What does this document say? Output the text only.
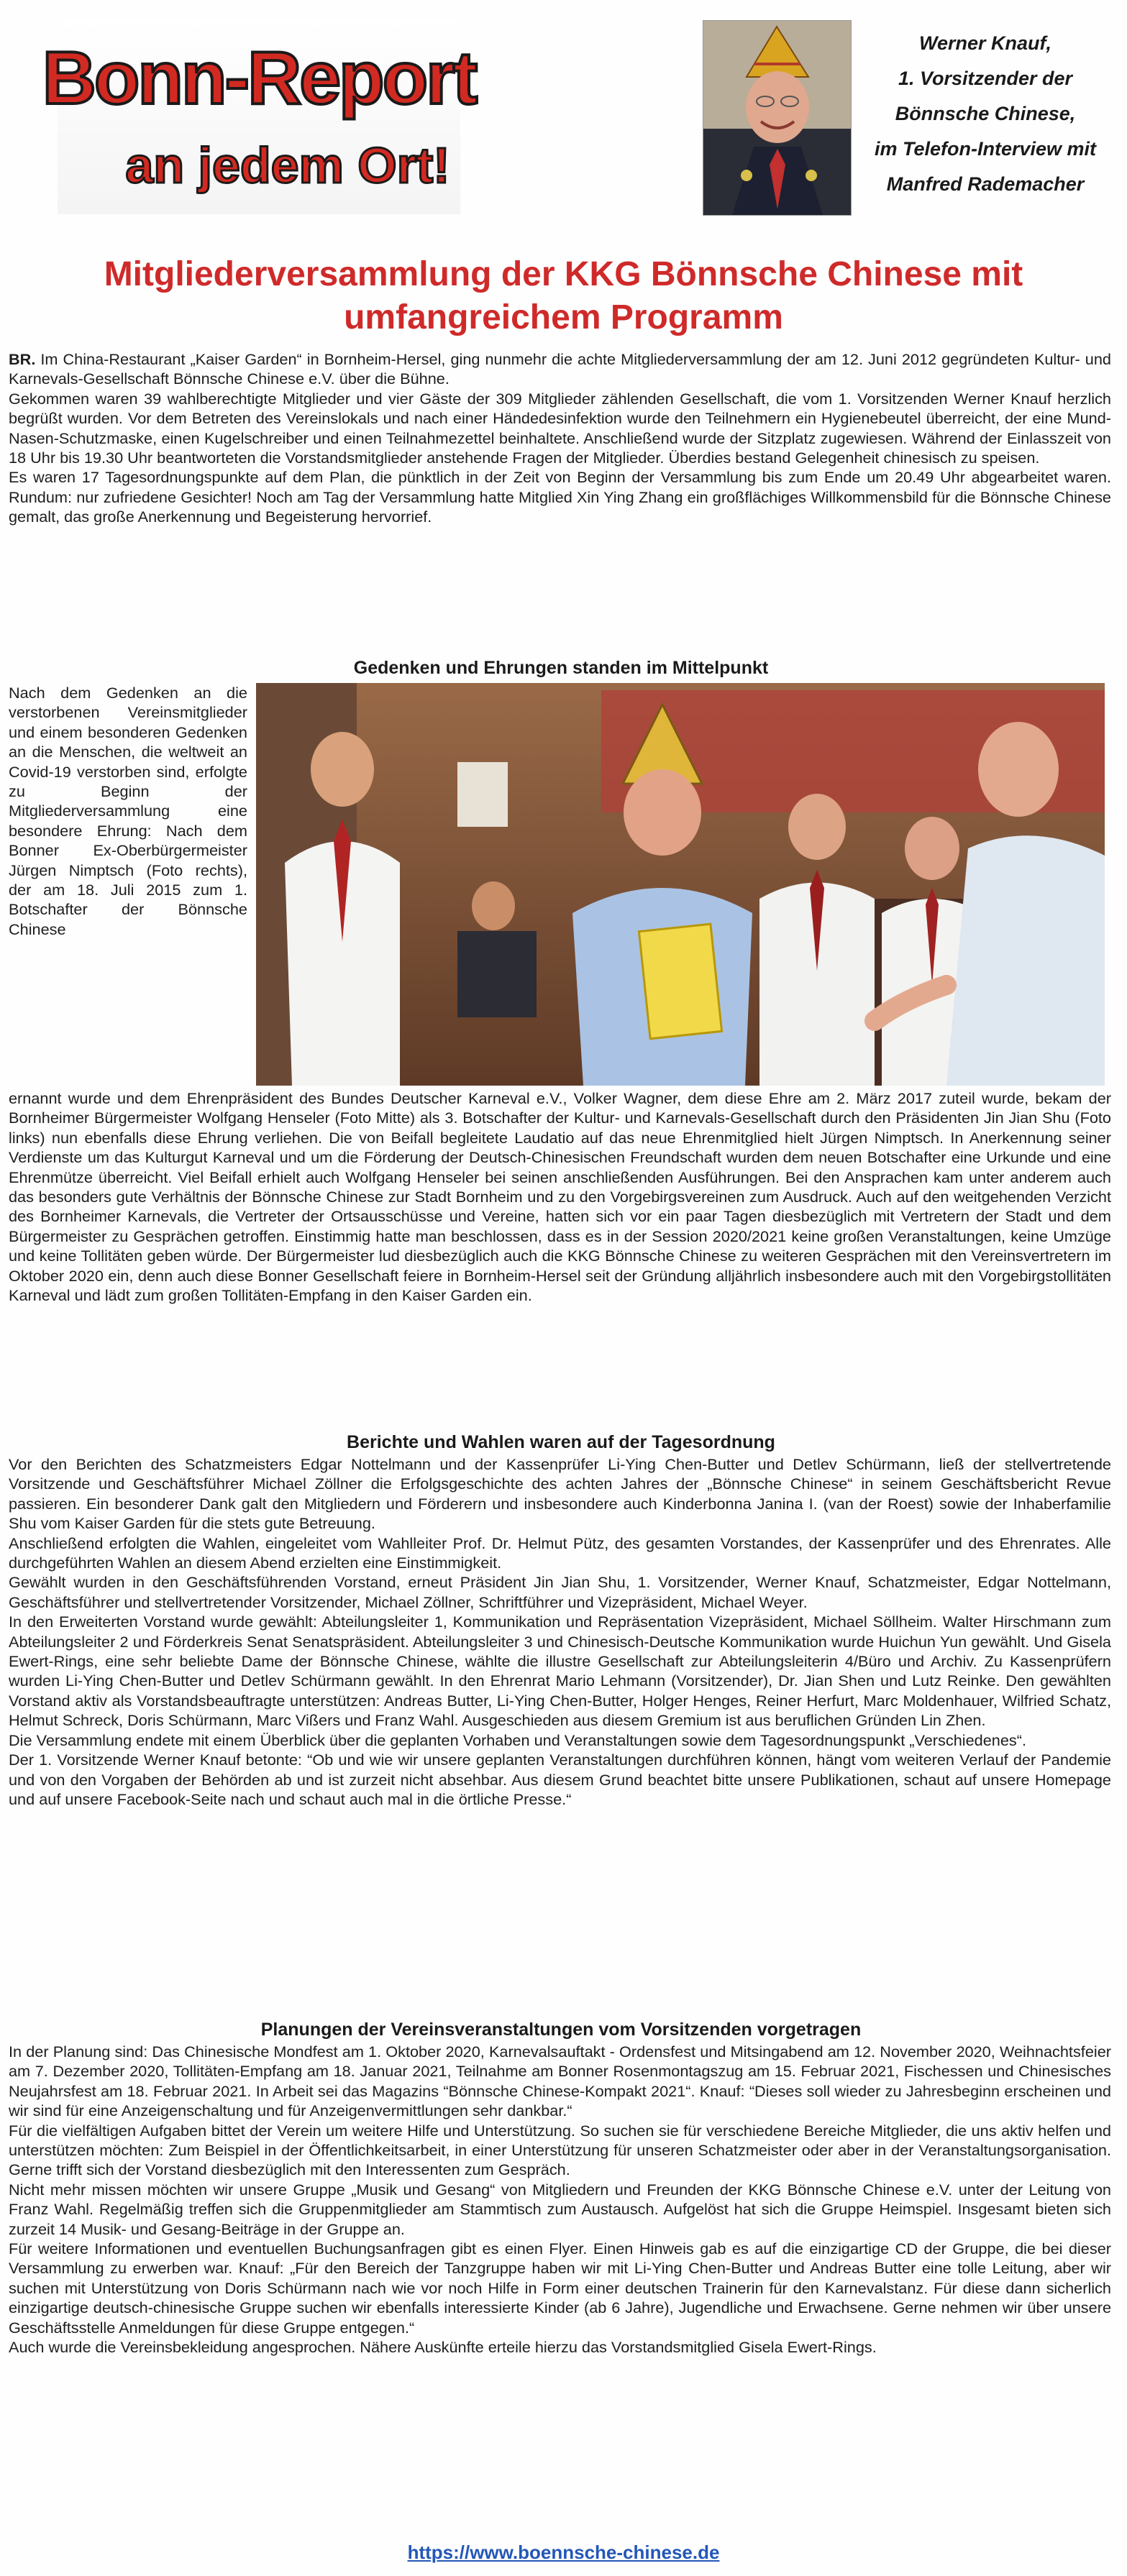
Bonn-Report
an jedem Ort!
Werner Knauf,
1. Vorsitzender der
Bönnsche Chinese,
im Telefon-Interview mit
Manfred Rademacher
Mitgliederversammlung der KKG Bönnsche Chinese mit umfangreichem Programm

BR. Im China-Restaurant „Kaiser Garden“ in Bornheim-Hersel, ging nunmehr die achte Mitgliederversammlung der am 12. Juni 2012 gegründeten Kultur- und Karnevals-Gesellschaft Bönnsche Chinese e.V. über die Bühne.

Gekommen waren 39 wahlberechtigte Mitglieder und vier Gäste der 309 Mitglieder zählenden Gesellschaft, die vom 1. Vorsitzenden Werner Knauf herzlich begrüßt wurden. Vor dem Betreten des Vereinslokals und nach einer Händedesinfektion wurde den Teilnehmern ein Hygienebeutel überreicht, der eine Mund-Nasen-Schutzmaske, einen Kugelschreiber und einen Teilnahmezettel beinhaltete. Anschließend wurde der Sitzplatz zugewiesen. Während der Einlasszeit von 18 Uhr bis 19.30 Uhr beantworteten die Vorstandsmitglieder anstehende Fragen der Mitglieder. Überdies bestand Gelegenheit chinesisch zu speisen.

Es waren 17 Tagesordnungspunkte auf dem Plan, die pünktlich in der Zeit von Beginn der Versammlung bis zum Ende um 20.49 Uhr abgearbeitet waren. Rundum: nur zufriedene Gesichter! Noch am Tag der Versammlung hatte Mitglied Xin Ying Zhang ein großflächiges Willkommensbild für die Bönnsche Chinese gemalt, das große Anerkennung und Begeisterung hervorrief.

Gedenken und Ehrungen standen im Mittelpunkt
Nach dem Gedenken an die verstorbenen Vereinsmitglieder und einem besonderen Gedenken an die Menschen, die weltweit an Covid-19 verstorben sind, erfolgte zu Beginn der Mitgliederversammlung eine besondere Ehrung: Nach dem Bonner Ex-Oberbürgermeister Jürgen Nimptsch (Foto rechts), der am 18. Juli 2015 zum 1. Botschafter der Bönnsche Chinese

ernannt wurde und dem Ehrenpräsident des Bundes Deutscher Karneval e.V., Volker Wagner, dem diese Ehre am 2. März 2017 zuteil wurde, bekam der Bornheimer Bürgermeister Wolfgang Henseler (Foto Mitte) als 3. Botschafter der Kultur- und Karnevals-Gesellschaft durch den Präsidenten Jin Jian Shu (Foto links) nun ebenfalls diese Ehrung verliehen. Die von Beifall begleitete Laudatio auf das neue Ehrenmitglied hielt Jürgen Nimptsch. In Anerkennung seiner Verdienste um das Kulturgut Karneval und um die Förderung der Deutsch-Chinesischen Freundschaft wurden dem neuen Botschafter eine Urkunde und eine Ehrenmütze überreicht. Viel Beifall erhielt auch Wolfgang Henseler bei seinen anschließenden Ausführungen. Bei den Ansprachen kam unter anderem auch das besonders gute Verhältnis der Bönnsche Chinese zur Stadt Bornheim und zu den Vorgebirgsvereinen zum Ausdruck. Auch auf den weitgehenden Verzicht des Bornheimer Karnevals, die Vertreter der Ortsausschüsse und Vereine, hatten sich vor ein paar Tagen diesbezüglich mit Vertretern der Stadt und dem Bürgermeister zu Gesprächen getroffen. Einstimmig hatte man beschlossen, dass es in der Session 2020/2021 keine großen Veranstaltungen, keine Umzüge und keine Tollitäten geben würde. Der Bürgermeister lud diesbezüglich auch die KKG Bönnsche Chinese zu weiteren Gesprächen mit den Vereinsvertretern im Oktober 2020 ein, denn auch diese Bonner Gesellschaft feiere in Bornheim-Hersel seit der Gründung alljährlich insbesondere auch mit den Vorgebirgstollitäten Karneval und lädt zum großen Tollitäten-Empfang in den Kaiser Garden ein.

Berichte und Wahlen waren auf der Tagesordnung

Vor den Berichten des Schatzmeisters Edgar Nottelmann und der Kassenprüfer Li-Ying Chen-Butter und Detlev Schürmann, ließ der stellvertretende Vorsitzende und Geschäftsführer Michael Zöllner die Erfolgsgeschichte des achten Jahres der „Bönnsche Chinese“ in seinem Geschäftsbericht Revue passieren. Ein besonderer Dank galt den Mitgliedern und Förderern und insbesondere auch Kinderbonna Janina I. (van der Roest) sowie der Inhaberfamilie Shu vom Kaiser Garden für die stets gute Betreuung.

Anschließend erfolgten die Wahlen, eingeleitet vom Wahlleiter Prof. Dr. Helmut Pütz, des gesamten Vorstandes, der Kassenprüfer und des Ehrenrates. Alle durchgeführten Wahlen an diesem Abend erzielten eine Einstimmigkeit.

Gewählt wurden in den Geschäftsführenden Vorstand, erneut Präsident Jin Jian Shu, 1. Vorsitzender, Werner Knauf, Schatzmeister, Edgar Nottelmann, Geschäftsführer und stellvertretender Vorsitzender, Michael Zöllner, Schriftführer und Vizepräsident, Michael Weyer.

In den Erweiterten Vorstand wurde gewählt: Abteilungsleiter 1, Kommunikation und Repräsentation Vizepräsident, Michael Söllheim. Walter Hirschmann zum Abteilungsleiter 2 und Förderkreis Senat Senatspräsident. Abteilungsleiter 3 und Chinesisch-Deutsche Kommunikation wurde Huichun Yun gewählt. Und Gisela Ewert-Rings, eine sehr beliebte Dame der Bönnsche Chinese, wählte die illustre Gesellschaft zur Abteilungsleiterin 4/Büro und Archiv. Zu Kassenprüfern wurden Li-Ying Chen-Butter und Detlev Schürmann gewählt. In den Ehrenrat Mario Lehmann (Vorsitzender), Dr. Jian Shen und Lutz Reinke. Den gewählten Vorstand aktiv als Vorstandsbeauftragte unterstützen: Andreas Butter, Li-Ying Chen-Butter, Holger Henges, Reiner Herfurt, Marc Moldenhauer, Wilfried Schatz, Helmut Schreck, Doris Schürmann, Marc Vißers und Franz Wahl. Ausgeschieden aus diesem Gremium ist aus beruflichen Gründen Lin Zhen.

Die Versammlung endete mit einem Überblick über die geplanten Vorhaben und Veranstaltungen sowie dem Tagesordnungspunkt „Verschiedenes“.

Der 1. Vorsitzende Werner Knauf betonte: “Ob und wie wir unsere geplanten Veranstaltungen durchführen können, hängt vom weiteren Verlauf der Pandemie und von den Vorgaben der Behörden ab und ist zurzeit nicht absehbar. Aus diesem Grund beachtet bitte unsere Publikationen, schaut auf unsere Homepage und auf unsere Facebook-Seite nach und schaut auch mal in die örtliche Presse.“

Planungen der Vereinsveranstaltungen vom Vorsitzenden vorgetragen

In der Planung sind: Das Chinesische Mondfest am 1. Oktober 2020, Karnevalsauftakt - Ordensfest und Mitsingabend am 12. November 2020, Weihnachtsfeier am 7. Dezember 2020, Tollitäten-Empfang am 18. Januar 2021, Teilnahme am Bonner Rosenmontagszug am 15. Februar 2021, Fischessen und Chinesisches Neujahrsfest am 18. Februar 2021. In Arbeit sei das Magazins “Bönnsche Chinese-Kompakt 2021“. Knauf: “Dieses soll wieder zu Jahresbeginn erscheinen und wir sind für eine Anzeigenschaltung und für Anzeigenvermittlungen sehr dankbar.“

Für die vielfältigen Aufgaben bittet der Verein um weitere Hilfe und Unterstützung. So suchen sie für verschiedene Bereiche Mitglieder, die uns aktiv helfen und unterstützen möchten: Zum Beispiel in der Öffentlichkeitsarbeit, in einer Unterstützung für unseren Schatzmeister oder aber in der Veranstaltungsorganisation. Gerne trifft sich der Vorstand diesbezüglich mit den Interessenten zum Gespräch.

Nicht mehr missen möchten wir unsere Gruppe „Musik und Gesang“ von Mitgliedern und Freunden der KKG Bönnsche Chinese e.V. unter der Leitung von Franz Wahl. Regelmäßig treffen sich die Gruppenmitglieder am Stammtisch zum Austausch. Aufgelöst hat sich die Gruppe Heimspiel. Insgesamt bieten sich zurzeit 14 Musik- und Gesang-Beiträge in der Gruppe an.

Für weitere Informationen und eventuellen Buchungsanfragen gibt es einen Flyer. Einen Hinweis gab es auf die einzigartige CD der Gruppe, die bei dieser Versammlung zu erwerben war. Knauf: „Für den Bereich der Tanzgruppe haben wir mit Li-Ying Chen-Butter und Andreas Butter eine tolle Leitung, aber wir suchen mit Unterstützung von Doris Schürmann nach wie vor noch Hilfe in Form einer deutschen Trainerin für den Karnevalstanz. Für diese dann sicherlich einzigartige deutsch-chinesische Gruppe suchen wir ebenfalls interessierte Kinder (ab 6 Jahre), Jugendliche und Erwachsene. Gerne nehmen wir über unsere Geschäftsstelle Anmeldungen für diese Gruppe entgegen.“

Auch wurde die Vereinsbekleidung angesprochen. Nähere Auskünfte erteile hierzu das Vorstandsmitglied Gisela Ewert-Rings.

https://www.boennsche-chinese.de
